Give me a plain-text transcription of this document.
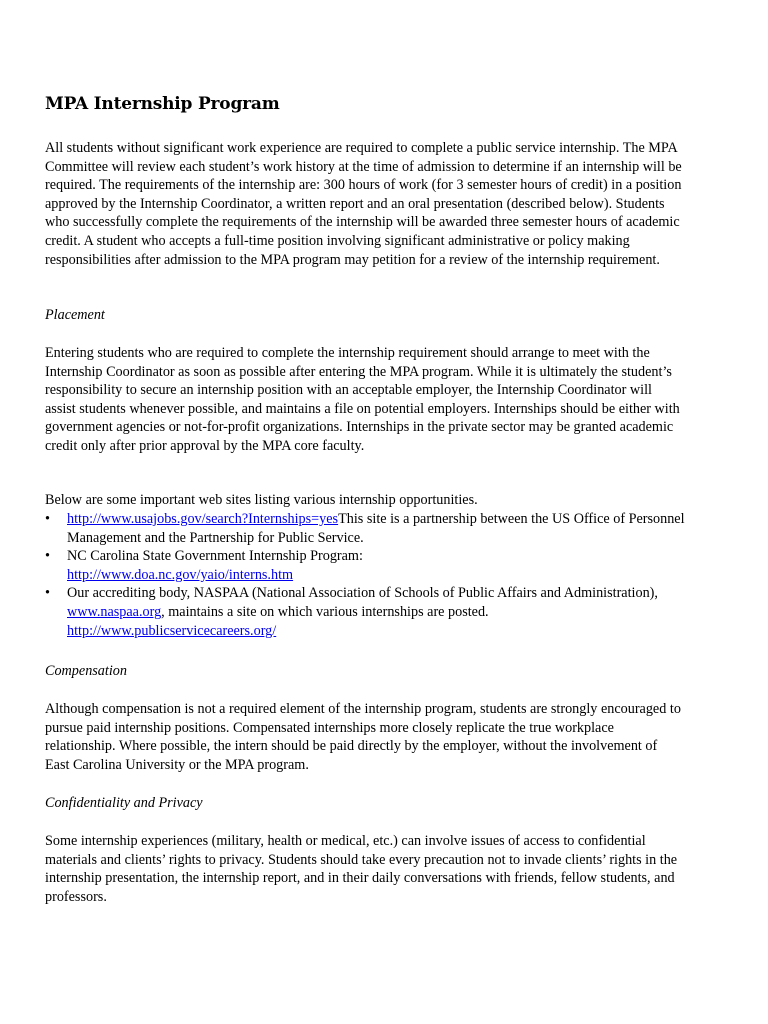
MPA Internship Program

All students without significant work experience are required to complete a public service internship. The MPA Committee will review each student’s work history at the time of admission to determine if an internship will be required. The requirements of the internship are: 300 hours of work (for 3 semester hours of credit) in a position approved by the Internship Coordinator, a written report and an oral presentation (described below). Students who successfully complete the requirements of the internship will be awarded three semester hours of academic credit. A student who accepts a full-time position involving significant administrative or policy making responsibilities after admission to the MPA program may petition for a review of the internship requirement.

Placement

Entering students who are required to complete the internship requirement should arrange to meet with the Internship Coordinator as soon as possible after entering the MPA program. While it is ultimately the student’s responsibility to secure an internship position with an acceptable employer, the Internship Coordinator will assist students whenever possible, and maintains a file on potential employers. Internships should be either with government agencies or not-for-profit organizations. Internships in the private sector may be granted academic credit only after prior approval by the MPA core faculty.

Below are some important web sites listing various internship opportunities.

• http://www.usajobs.gov/search?Internships=yesThis site is a partnership between the US Office of Personnel Management and the Partnership for Public Service.
• NC Carolina State Government Internship Program:
http://www.doa.nc.gov/yaio/interns.htm
• Our accrediting body, NASPAA (National Association of Schools of Public Affairs and Administration), www.naspaa.org, maintains a site on which various internships are posted.
http://www.publicservicecareers.org/

Compensation

Although compensation is not a required element of the internship program, students are strongly encouraged to pursue paid internship positions. Compensated internships more closely replicate the true workplace relationship. Where possible, the intern should be paid directly by the employer, without the involvement of East Carolina University or the MPA program.

Confidentiality and Privacy

Some internship experiences (military, health or medical, etc.) can involve issues of access to confidential materials and clients’ rights to privacy. Students should take every precaution not to invade clients’ rights in the internship presentation, the internship report, and in their daily conversations with friends, fellow students, and professors.
